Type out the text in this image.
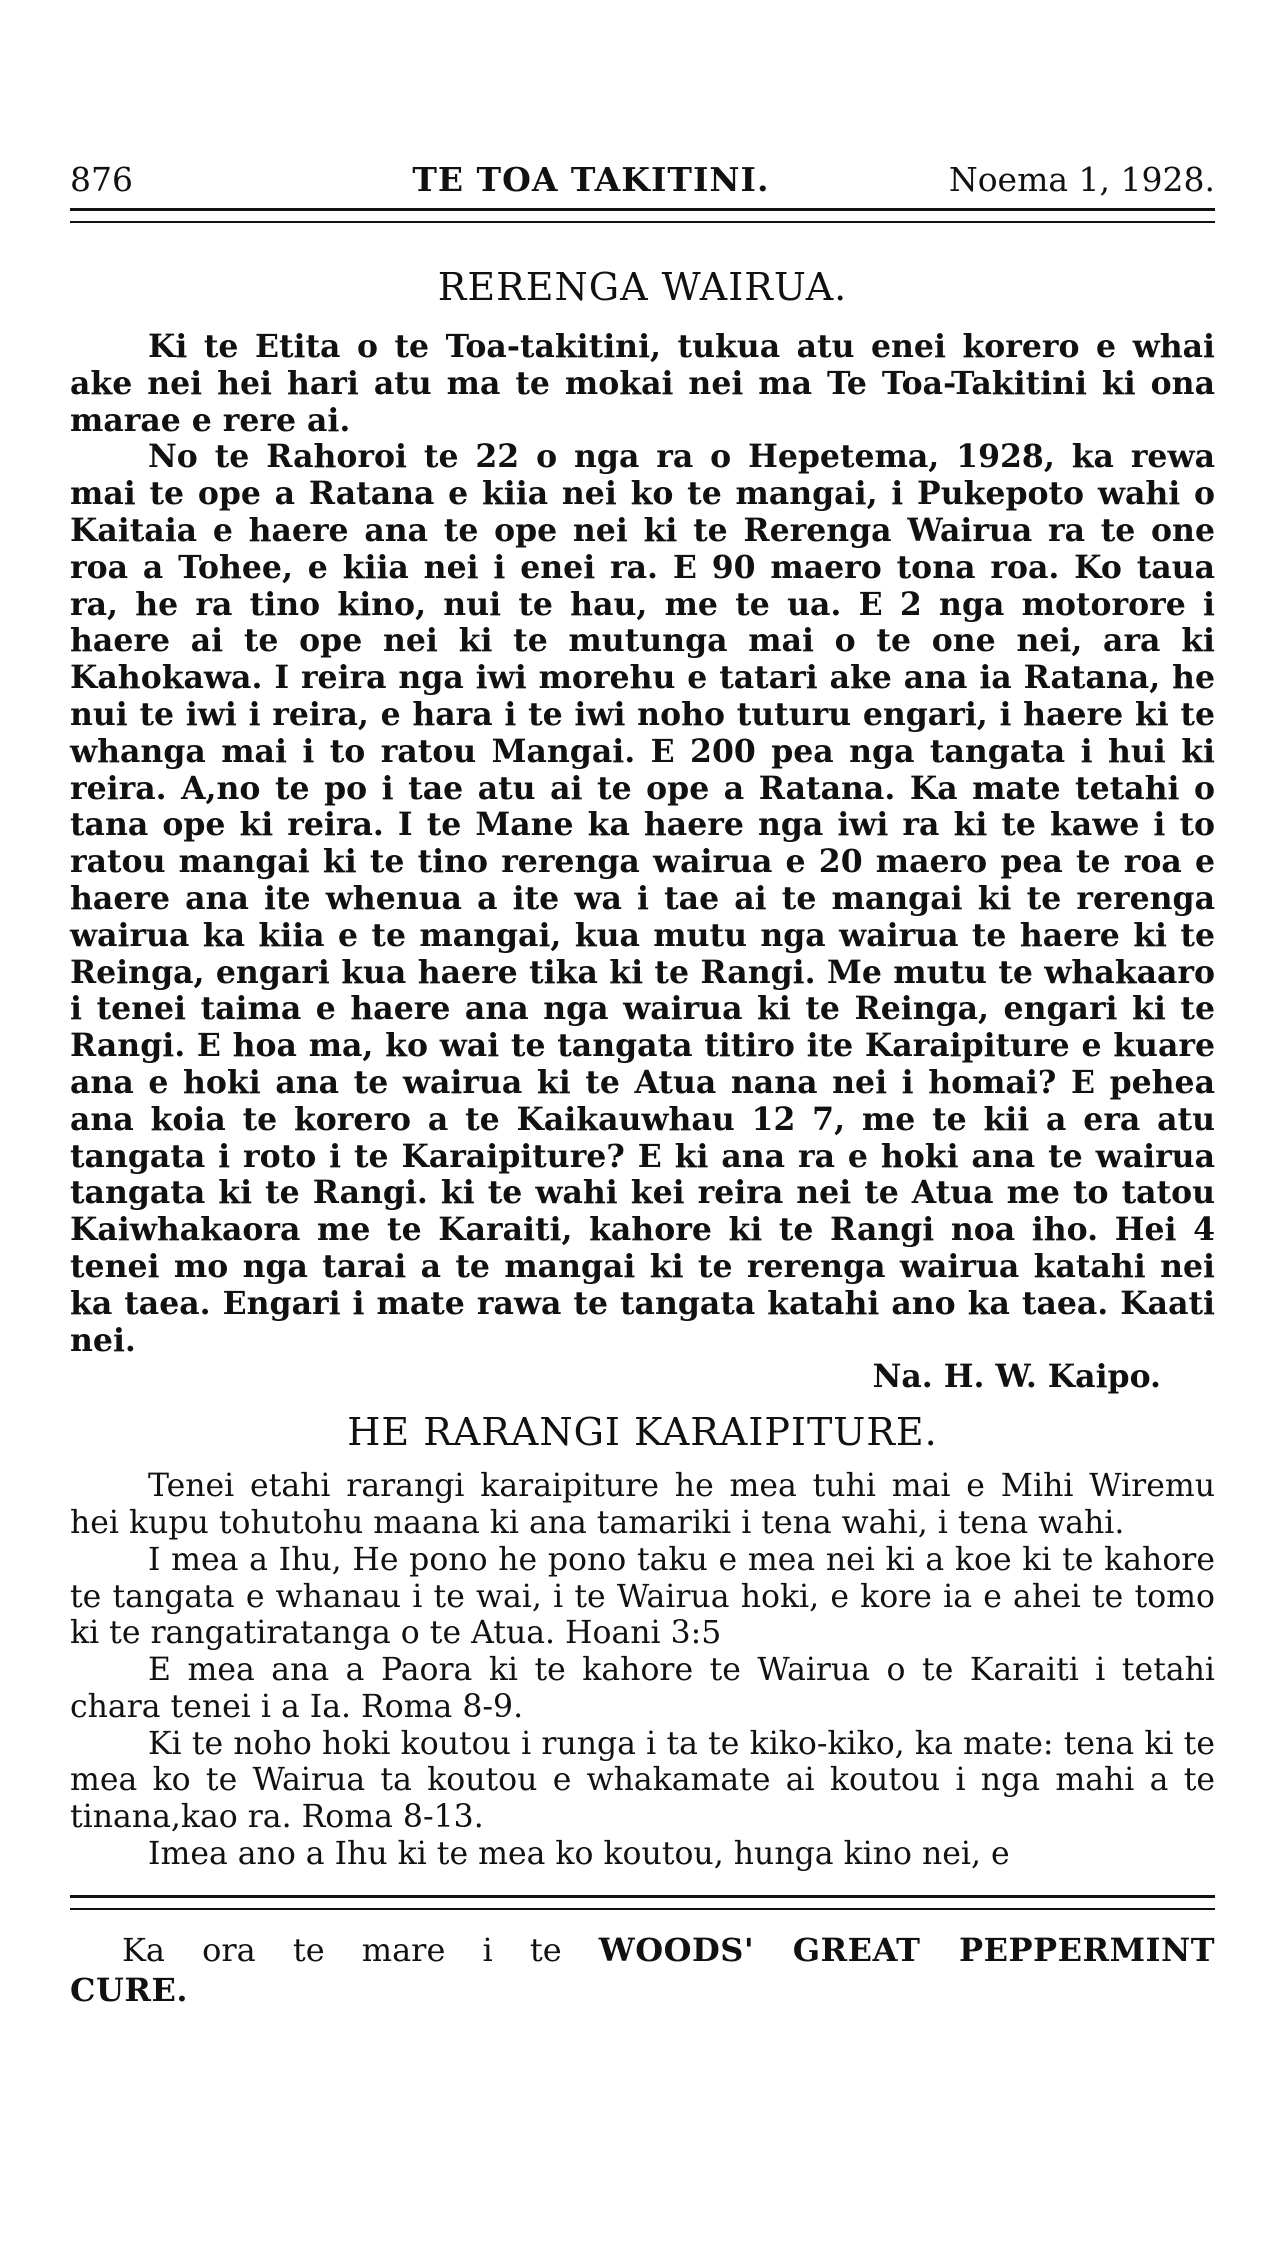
876	TE TOA TAKITINI.	Noema 1, 1928.
RERENGA WAIRUA.

Ki te Etita o te Toa-takitini, tukua atu enei korero e whai ake nei hei hari atu ma te mokai nei ma Te Toa-Takitini ki ona marae e rere ai.

No te Rahoroi te 22 o nga ra o Hepetema, 1928, ka rewa mai te ope a Ratana e kiia nei ko te mangai, i Pukepoto wahi o Kaitaia e haere ana te ope nei ki te Rerenga Wairua ra te one roa a Tohee, e kiia nei i enei ra. E 90 maero tona roa. Ko taua ra, he ra tino kino, nui te hau, me te ua. E 2 nga motorore i haere ai te ope nei ki te mutunga mai o te one nei, ara ki Kahokawa. I reira nga iwi morehu e tatari ake ana ia Ratana, he nui te iwi i reira, e hara i te iwi noho tuturu engari, i haere ki te whanga mai i to ratou Mangai. E 200 pea nga tangata i hui ki reira. A,no te po i tae atu ai te ope a Ratana. Ka mate tetahi o tana ope ki reira. I te Mane ka haere nga iwi ra ki te kawe i to ratou mangai ki te tino rerenga wairua e 20 maero pea te roa e haere ana ite whenua a ite wa i tae ai te mangai ki te rerenga wairua ka kiia e te mangai, kua mutu nga wairua te haere ki te Reinga, engari kua haere tika ki te Rangi. Me mutu te whakaaro i tenei taima e haere ana nga wairua ki te Reinga, engari ki te Rangi. E hoa ma, ko wai te tangata titiro ite Karaipiture e kuare ana e hoki ana te wairua ki te Atua nana nei i homai? E pehea ana koia te korero a te Kaikauwhau 12 7, me te kii a era atu tangata i roto i te Karaipiture? E ki ana ra e hoki ana te wairua tangata ki te Rangi. ki te wahi kei reira nei te Atua me to tatou Kaiwhakaora me te Karaiti, kahore ki te Rangi noa iho. Hei 4 tenei mo nga tarai a te mangai ki te rerenga wairua katahi nei ka taea. Engari i mate rawa te tangata katahi ano ka taea. Kaati nei.

Na. H. W. Kaipo.

HE RARANGI KARAIPITURE.

Tenei etahi rarangi karaipiture he mea tuhi mai e Mihi Wiremu hei kupu tohutohu maana ki ana tamariki i tena wahi, i tena wahi.

I mea a Ihu, He pono he pono taku e mea nei ki a koe ki te kahore te tangata e whanau i te wai, i te Wairua hoki, e kore ia e ahei te tomo ki te rangatiratanga o te Atua. Hoani 3:5

E mea ana a Paora ki te kahore te Wairua o te Karaiti i tetahi chara tenei i a Ia. Roma 8-9.

Ki te noho hoki koutou i runga i ta te kiko-kiko, ka mate: tena ki te mea ko te Wairua ta koutou e whakamate ai koutou i nga mahi a te tinana,kao ra. Roma 8-13.

Imea ano a Ihu ki te mea ko koutou, hunga kino nei, e

Ka ora te mare i te WOODS' GREAT PEPPERMINT CURE.
